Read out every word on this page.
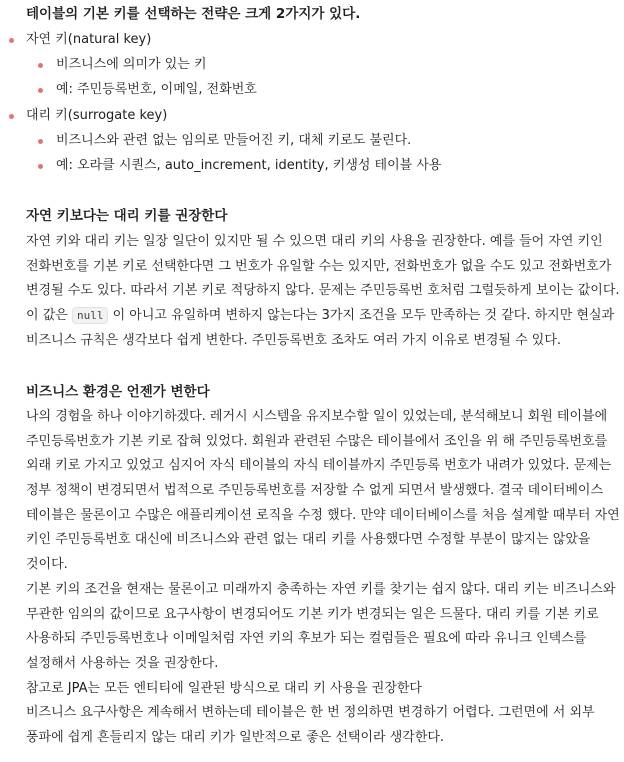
테이블의 기본 키를 선택하는 전략은 크게 2가지가 있다.
자연 키(natural key)
비즈니스에 의미가 있는 키
예: 주민등록번호, 이메일, 전화번호
대리 키(surrogate key)
비즈니스와 관련 없는 임의로 만들어진 키, 대체 키로도 불린다.
예: 오라클 시퀀스, auto_increment, identity, 키생성 테이블 사용
자연 키보다는 대리 키를 권장한다
자연 키와 대리 키는 일장 일단이 있지만 될 수 있으면 대리 키의 사용을 권장한다. 예를 들어 자연 키인
전화번호를 기본 키로 선택한다면 그 번호가 유일할 수는 있지만, 전화번호가 없을 수도 있고 전화번호가
변경될 수도 있다. 따라서 기본 키로 적당하지 않다. 문제는 주민등록번 호처럼 그럴듯하게 보이는 값이다.
이 값은 null 이 아니고 유일하며 변하지 않는다는 3가지 조건을 모두 만족하는 것 같다. 하지만 현실과
비즈니스 규칙은 생각보다 쉽게 변한다. 주민등록번호 조차도 여러 가지 이유로 변경될 수 있다.
비즈니스 환경은 언젠가 변한다
나의 경험을 하나 이야기하겠다. 레거시 시스템을 유지보수할 일이 있었는데, 분석해보니 회원 테이블에
주민등록번호가 기본 키로 잡혀 있었다. 회원과 관련된 수많은 테이블에서 조인을 위 해 주민등록번호를
외래 키로 가지고 있었고 심지어 자식 테이블의 자식 테이블까지 주민등록 번호가 내려가 있었다. 문제는
정부 정책이 변경되면서 법적으로 주민등록번호를 저장할 수 없게 되면서 발생했다. 결국 데이터베이스
테이블은 물론이고 수많은 애플리케이션 로직을 수정 했다. 만약 데이터베이스를 처음 설계할 때부터 자연
키인 주민등록번호 대신에 비즈니스와 관련 없는 대리 키를 사용했다면 수정할 부분이 많지는 않았을
것이다.
기본 키의 조건을 현재는 물론이고 미래까지 충족하는 자연 키를 찾기는 쉽지 않다. 대리 키는 비즈니스와
무관한 임의의 값이므로 요구사항이 변경되어도 기본 키가 변경되는 일은 드물다. 대리 키를 기본 키로
사용하되 주민등록번호나 이메일처럼 자연 키의 후보가 되는 컬럼들은 필요에 따라 유니크 인덱스를
설정해서 사용하는 것을 권장한다.
참고로 JPA는 모든 엔티티에 일관된 방식으로 대리 키 사용을 권장한다
비즈니스 요구사항은 계속해서 변하는데 테이블은 한 번 정의하면 변경하기 어렵다. 그런면에 서 외부
풍파에 쉽게 흔들리지 않는 대리 키가 일반적으로 좋은 선택이라 생각한다.
